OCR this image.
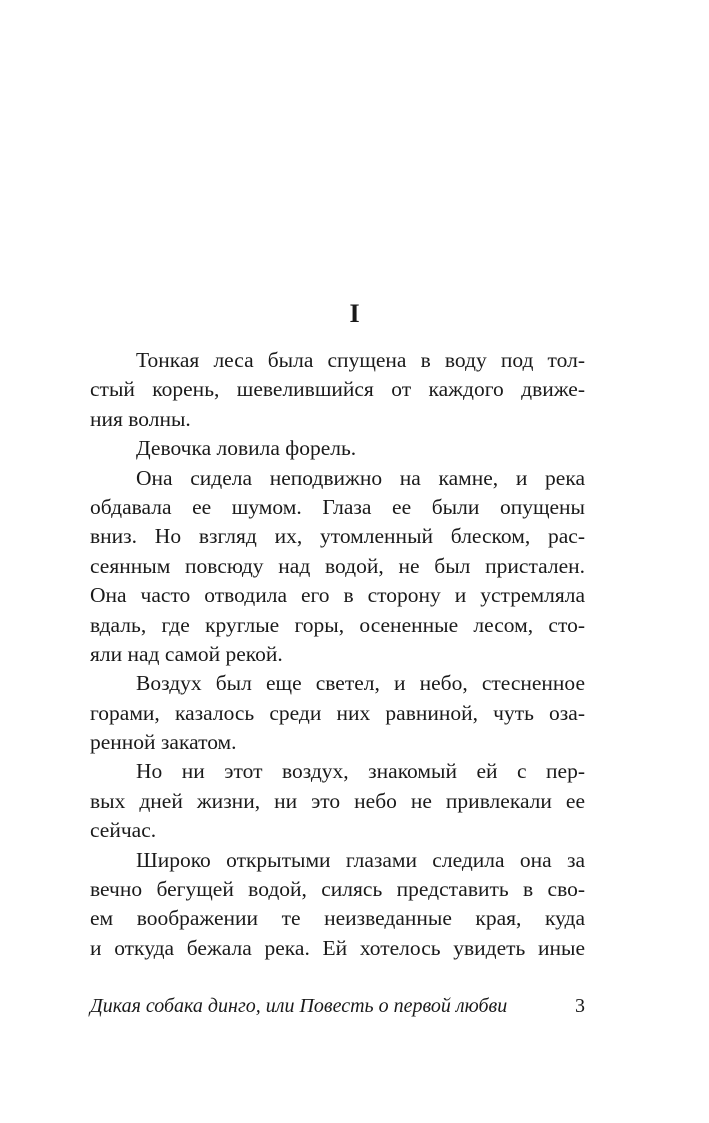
I
Тонкая леса была спущена в воду под тол-
стый корень, шевелившийся от каждого движе-
ния волны.
Девочка ловила форель.
Она сидела неподвижно на камне, и река
обдавала ее шумом. Глаза ее были опущены
вниз. Но взгляд их, утомленный блеском, рас-
сеянным повсюду над водой, не был пристален.
Она часто отводила его в сторону и устремляла
вдаль, где круглые горы, осененные лесом, сто-
яли над самой рекой.
Воздух был еще светел, и небо, стесненное
горами, казалось среди них равниной, чуть оза-
ренной закатом.
Но ни этот воздух, знакомый ей с пер-
вых дней жизни, ни это небо не привлекали ее
сейчас.
Широко открытыми глазами следила она за
вечно бегущей водой, силясь представить в сво-
ем воображении те неизведанные края, куда
и откуда бежала река. Ей хотелось увидеть иные
Дикая собака динго, или Повесть о первой любви	3
